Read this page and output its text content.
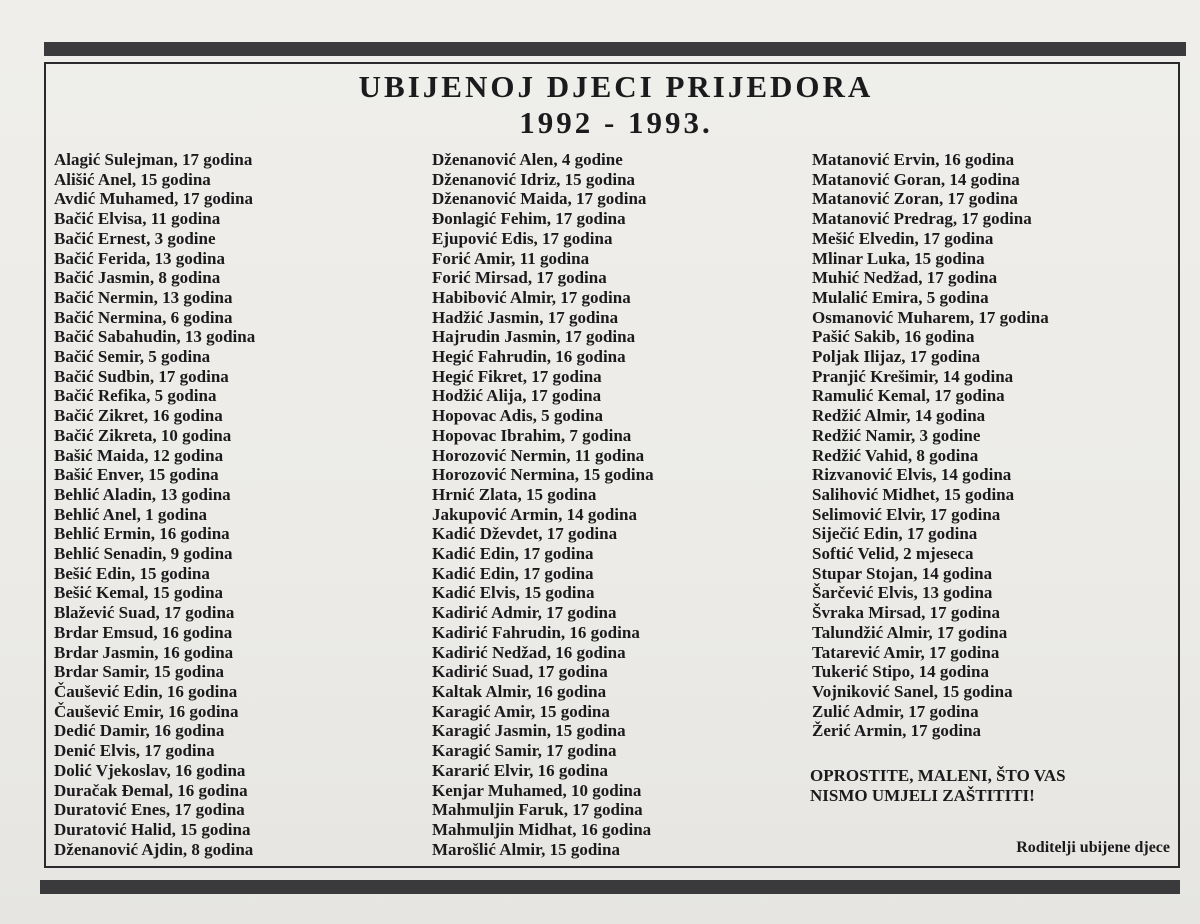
UBIJENOJ DJECI PRIJEDORA
1992 - 1993.
Alagić Sulejman, 17 godina
Ališić Anel, 15 godina
Avdić Muhamed, 17 godina
Bačić Elvisa, 11 godina
Bačić Ernest, 3 godine
Bačić Ferida, 13 godina
Bačić Jasmin, 8 godina
Bačić Nermin, 13 godina
Bačić Nermina, 6 godina
Bačić Sabahudin, 13 godina
Bačić Semir, 5 godina
Bačić Sudbin, 17 godina
Bačić Refika, 5 godina
Bačić Zikret, 16 godina
Bačić Zikreta, 10 godina
Bašić Maida, 12 godina
Bašić Enver, 15 godina
Behlić Aladin, 13 godina
Behlić Anel, 1 godina
Behlić Ermin, 16 godina
Behlić Senadin, 9 godina
Bešić Edin, 15 godina
Bešić Kemal, 15 godina
Blažević Suad, 17 godina
Brdar Emsud, 16 godina
Brdar Jasmin, 16 godina
Brdar Samir, 15 godina
Čaušević Edin, 16 godina
Čaušević Emir, 16 godina
Dedić Damir, 16 godina
Denić Elvis, 17 godina
Dolić Vjekoslav, 16 godina
Duračak Đemal, 16 godina
Duratović Enes, 17 godina
Duratović Halid, 15 godina
Dženanović Ajdin, 8 godina
Dženanović Alen, 4 godine
Dženanović Idriz, 15 godina
Dženanović Maida, 17 godina
Đonlagić Fehim, 17 godina
Ejupović Edis, 17 godina
Forić Amir, 11 godina
Forić Mirsad, 17 godina
Habibović Almir, 17 godina
Hadžić Jasmin, 17 godina
Hajrudin Jasmin, 17 godina
Hegić Fahrudin, 16 godina
Hegić Fikret, 17 godina
Hodžić Alija, 17 godina
Hopovac Adis, 5 godina
Hopovac Ibrahim, 7 godina
Horozović Nermin, 11 godina
Horozović Nermina, 15 godina
Hrnić Zlata, 15 godina
Jakupović Armin, 14 godina
Kadić Dževdet, 17 godina
Kadić Edin, 17 godina
Kadić Edin, 17 godina
Kadić Elvis, 15 godina
Kadirić Admir, 17 godina
Kadirić Fahrudin, 16 godina
Kadirić Nedžad, 16 godina
Kadirić Suad, 17 godina
Kaltak Almir, 16 godina
Karagić Amir, 15 godina
Karagić Jasmin, 15 godina
Karagić Samir, 17 godina
Kararić Elvir, 16 godina
Kenjar Muhamed, 10 godina
Mahmuljin Faruk, 17 godina
Mahmuljin Midhat, 16 godina
Marošlić Almir, 15 godina
Matanović Ervin, 16 godina
Matanović Goran, 14 godina
Matanović Zoran, 17 godina
Matanović Predrag, 17 godina
Mešić Elvedin, 17 godina
Mlinar Luka, 15 godina
Muhić Nedžad, 17 godina
Mulalić Emira, 5 godina
Osmanović Muharem, 17 godina
Pašić Sakib, 16 godina
Poljak Ilijaz, 17 godina
Pranjić Krešimir, 14 godina
Ramulić Kemal, 17 godina
Redžić Almir, 14 godina
Redžić Namir, 3 godine
Redžić Vahid, 8 godina
Rizvanović Elvis, 14 godina
Salihović Midhet, 15 godina
Selimović Elvir, 17 godina
Siječić Edin, 17 godina
Softić Velid, 2 mjeseca
Stupar Stojan, 14 godina
Šarčević Elvis, 13 godina
Švraka Mirsad, 17 godina
Talundžić Almir, 17 godina
Tatarević Amir, 17 godina
Tukerić Stipo, 14 godina
Vojniković Sanel, 15 godina
Zulić Admir, 17 godina
Žerić Armin, 17 godina
OPROSTITE, MALENI, ŠTO VAS
NISMO UMJELI ZAŠTITITI!
Roditelji ubijene djece
